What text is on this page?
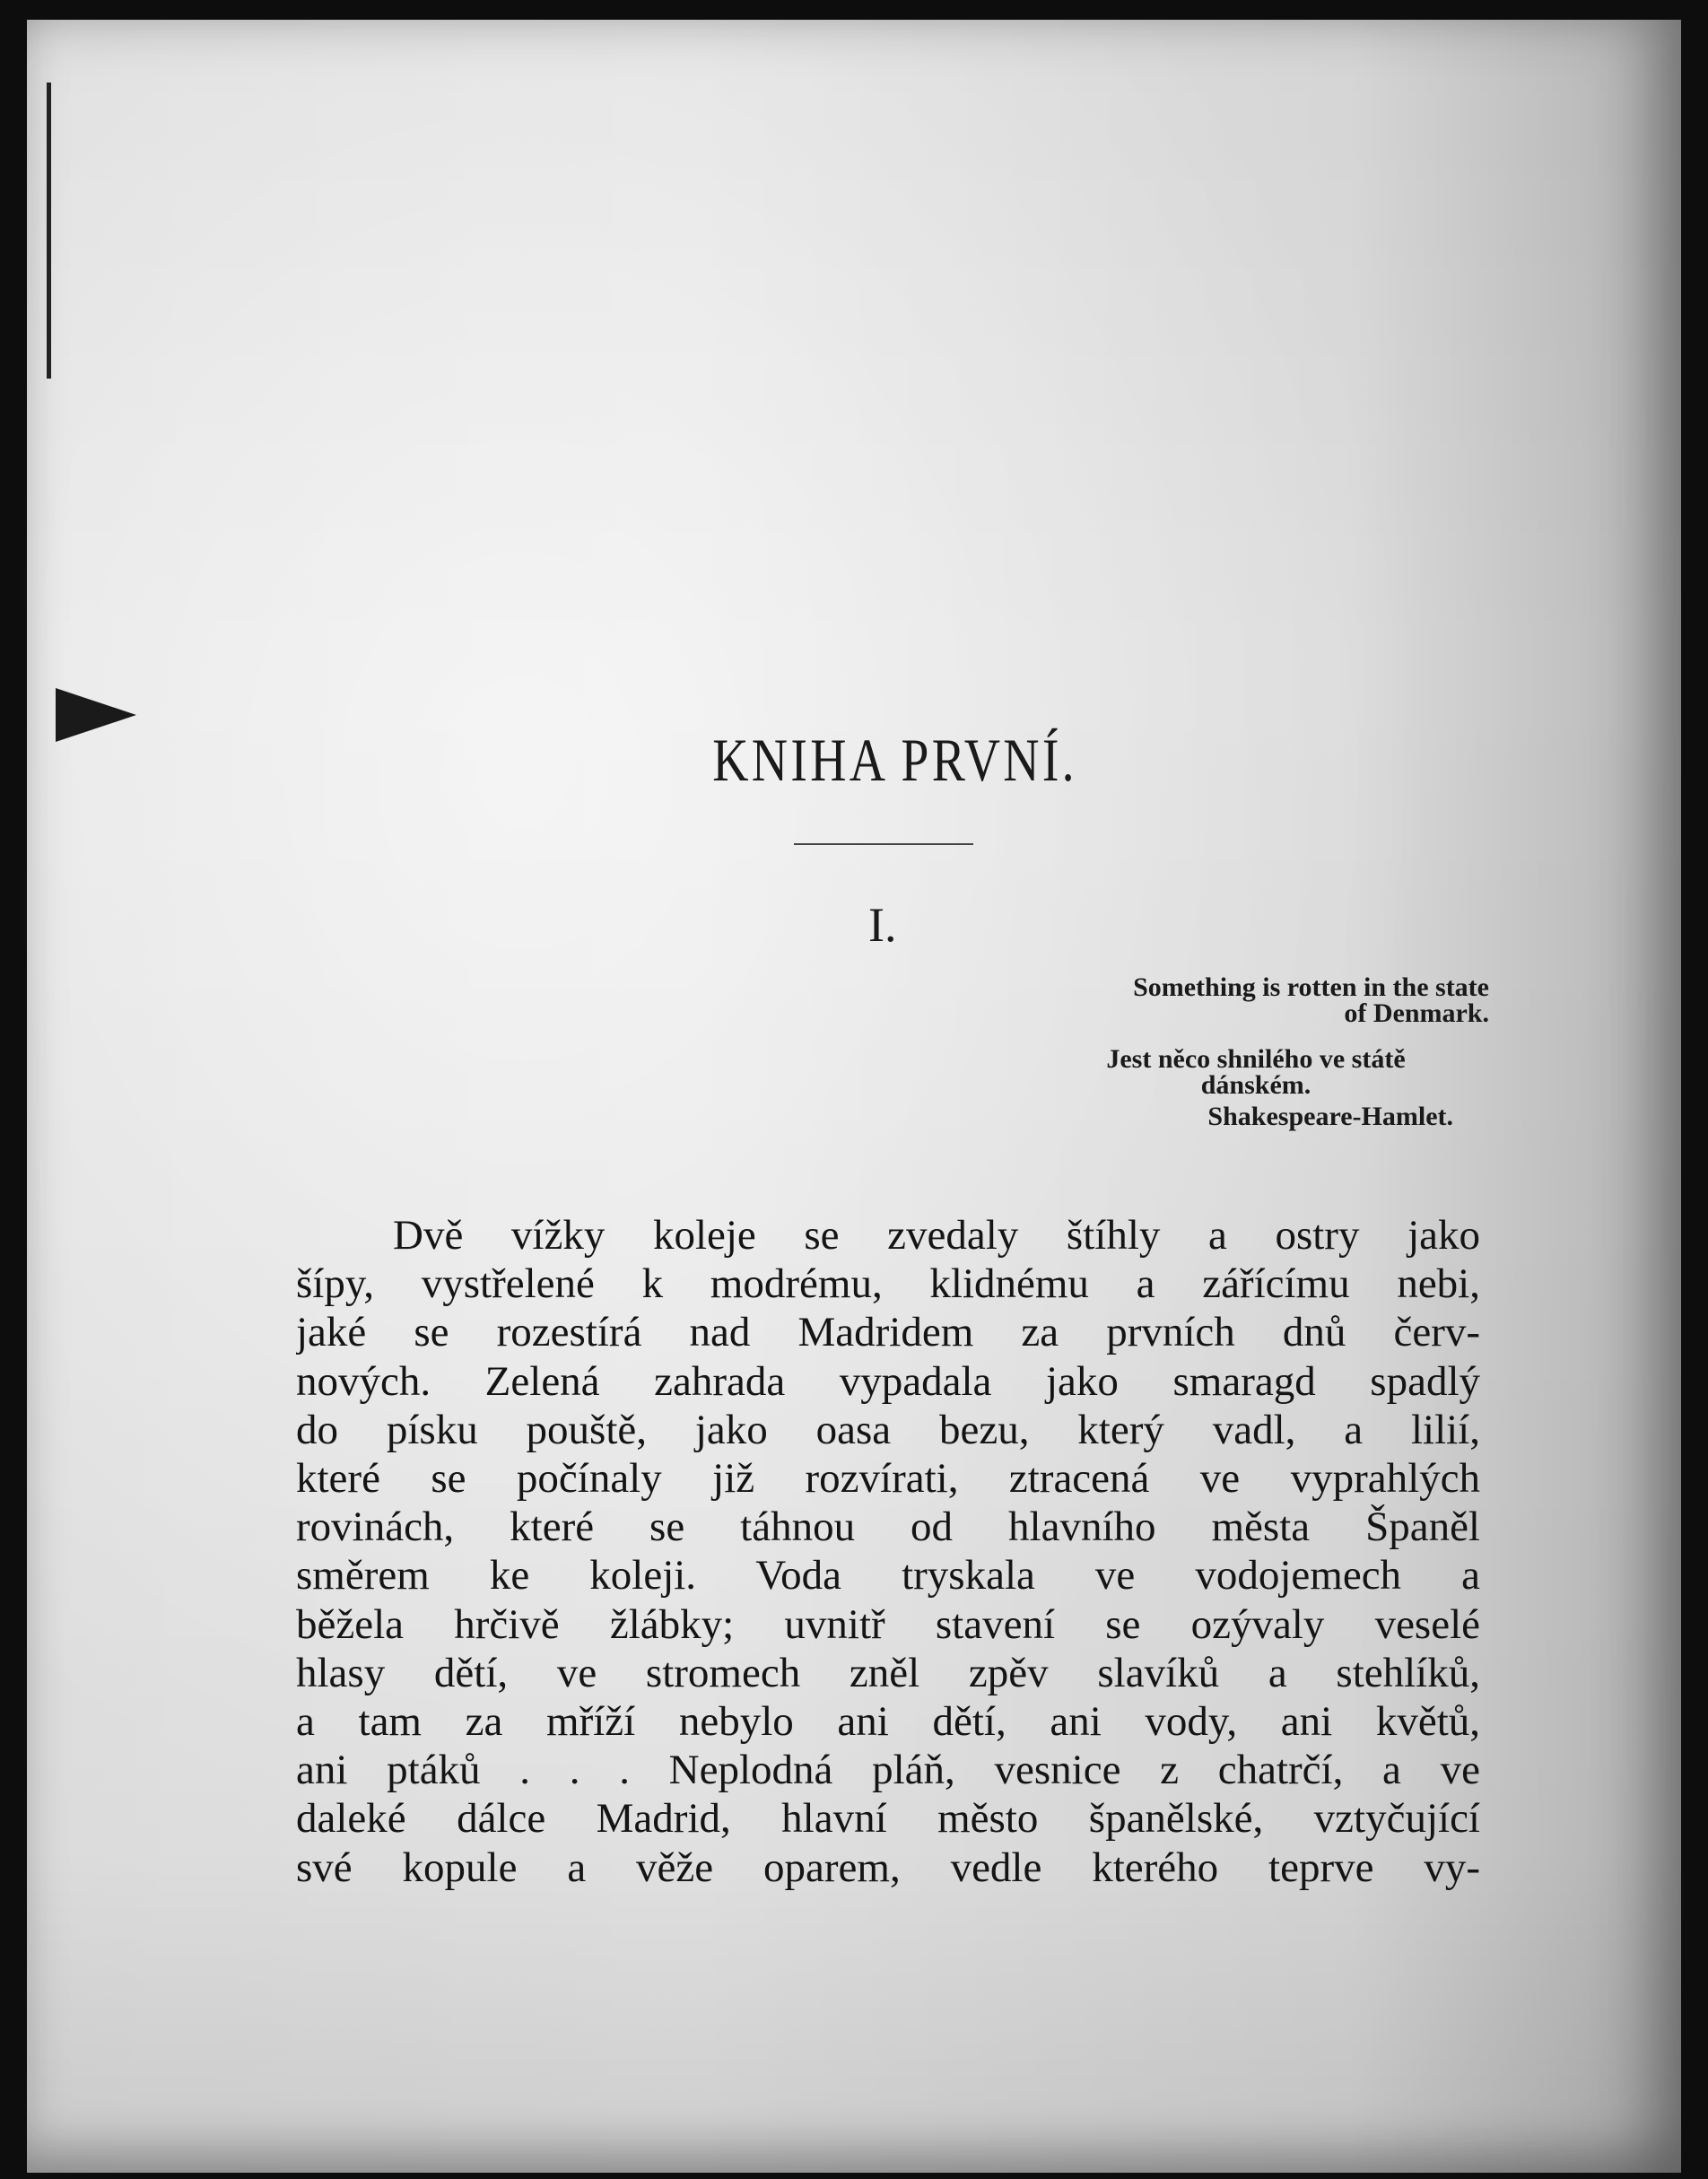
KNIHA PRVNÍ.
I.
Something is rotten in the state
of Denmark.
Jest něco shnilého ve státě
dánském.
Shakespeare-Hamlet.
Dvě vížky koleje se zvedaly štíhly a ostry jako
šípy, vystřelené k modrému, klidnému a zářícímu nebi,
jaké se rozestírá nad Madridem za prvních dnů červ-
nových. Zelená zahrada vypadala jako smaragd spadlý
do písku pouště, jako oasa bezu, který vadl, a lilií,
které se počínaly již rozvírati, ztracená ve vyprahlých
rovinách, které se táhnou od hlavního města Španěl
směrem ke koleji. Voda tryskala ve vodojemech a
běžela hrčivě žlábky; uvnitř stavení se ozývaly veselé
hlasy dětí, ve stromech zněl zpěv slavíků a stehlíků,
a tam za mříží nebylo ani dětí, ani vody, ani květů,
ani ptáků . . . Neplodná pláň, vesnice z chatrčí, a ve
daleké dálce Madrid, hlavní město španělské, vztyčující
své kopule a věže oparem, vedle kterého teprve vy-
